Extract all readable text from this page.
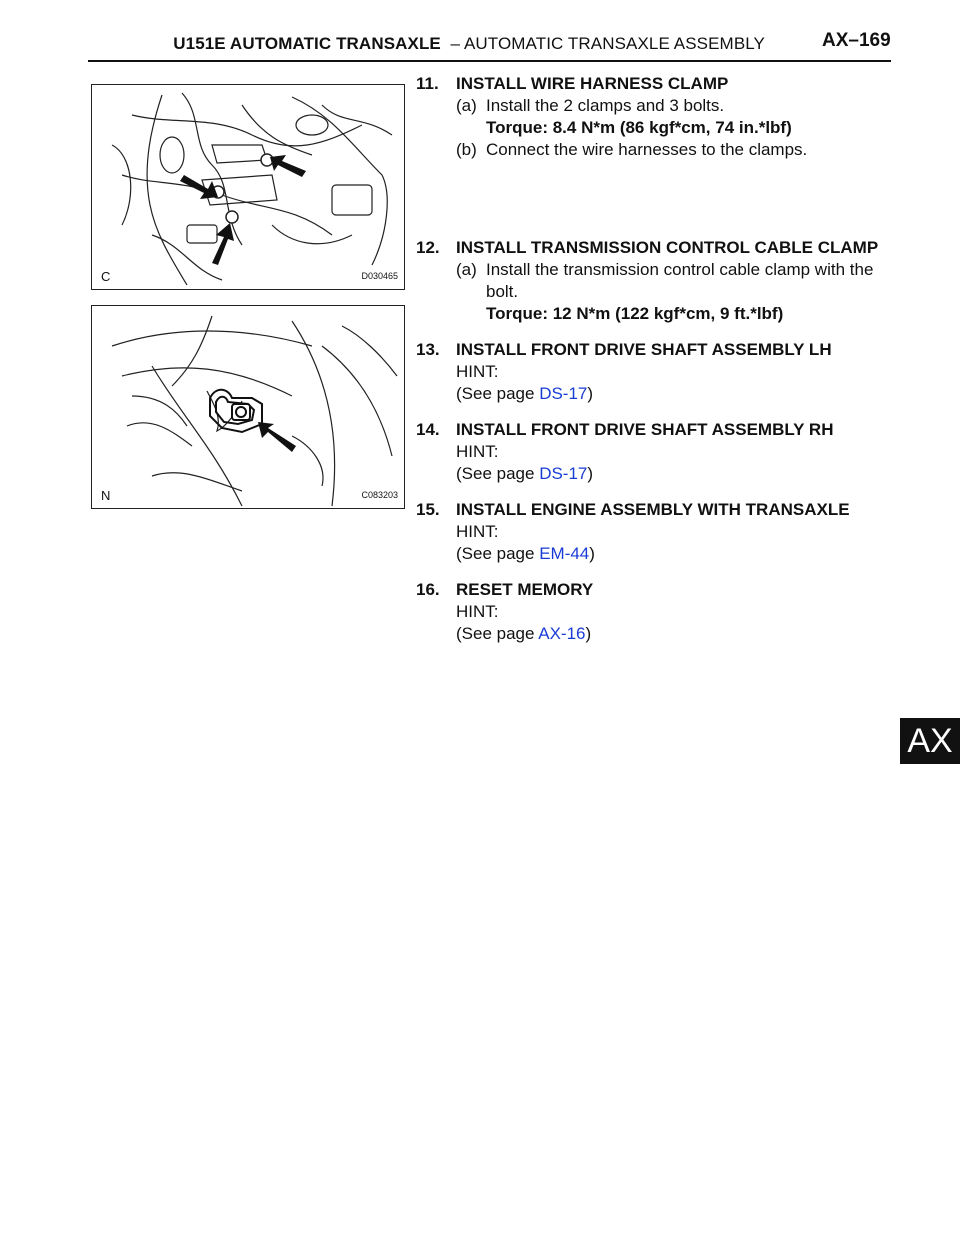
U151E AUTOMATIC TRANSAXLE – AUTOMATIC TRANSAXLE ASSEMBLY	AX–169
C	D030465
N	C083203
11. INSTALL WIRE HARNESS CLAMP
(a) Install the 2 clamps and 3 bolts.
Torque: 8.4 N*m (86 kgf*cm, 74 in.*lbf)
(b) Connect the wire harnesses to the clamps.
12. INSTALL TRANSMISSION CONTROL CABLE CLAMP
(a) Install the transmission control cable clamp with the bolt.
Torque: 12 N*m (122 kgf*cm, 9 ft.*lbf)
13. INSTALL FRONT DRIVE SHAFT ASSEMBLY LH
HINT:
(See page DS-17)
14. INSTALL FRONT DRIVE SHAFT ASSEMBLY RH
HINT:
(See page DS-17)
15. INSTALL ENGINE ASSEMBLY WITH TRANSAXLE
HINT:
(See page EM-44)
16. RESET MEMORY
HINT:
(See page AX-16)
AX
